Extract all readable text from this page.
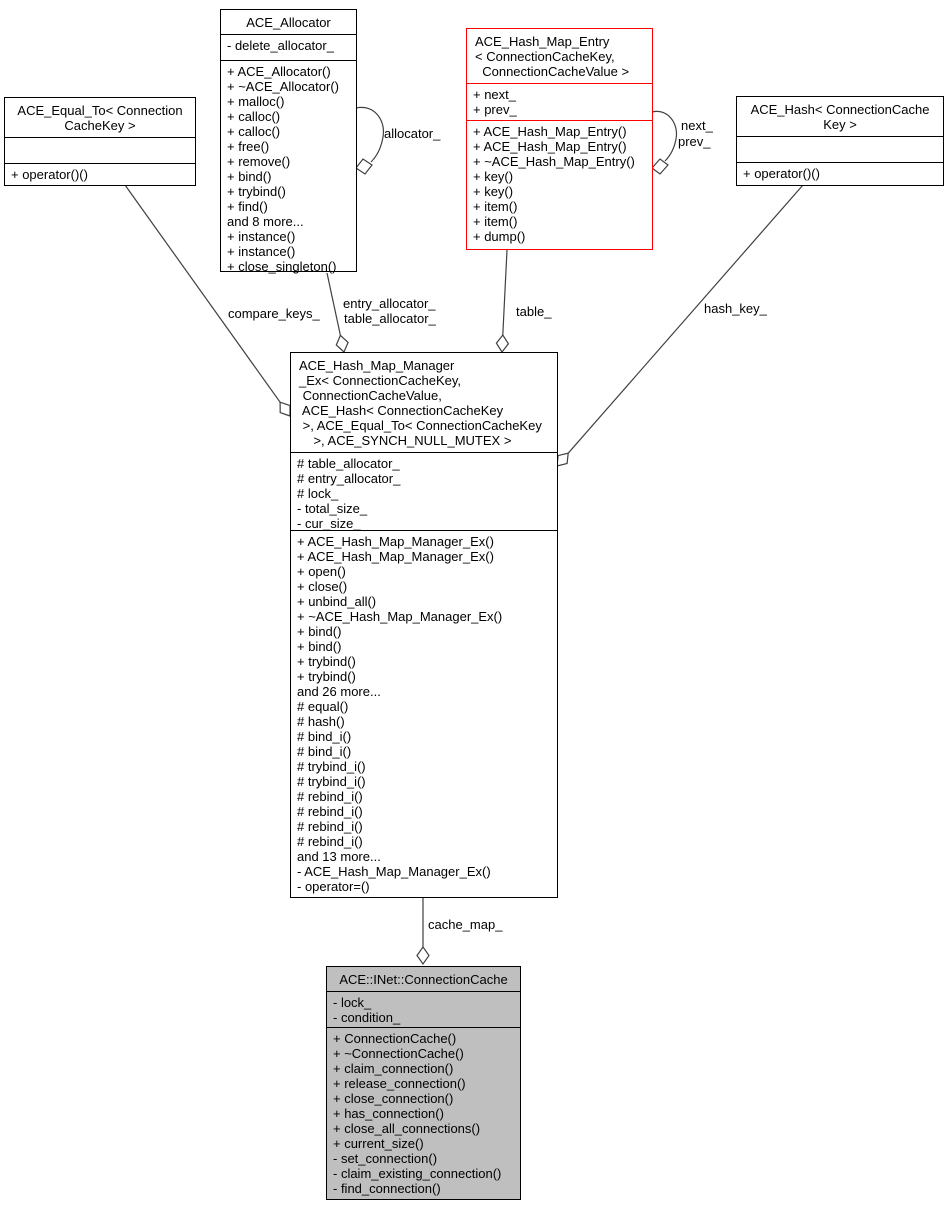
allocator_
next_
prev_
compare_keys_
entry_allocator_
table_allocator_	table_	hash_key_
cache_map_
ACE_Allocator
- delete_allocator_
+ ACE_Allocator()
+ ~ACE_Allocator()
+ malloc()
+ calloc()
+ calloc()
+ free()
+ remove()
+ bind()
+ trybind()
+ find()
and 8 more...
+ instance()
+ instance()
+ close_singleton()
ACE_Hash_Map_Entry
< ConnectionCacheKey,
ConnectionCacheValue >
+ next_
+ prev_
+ ACE_Hash_Map_Entry()
+ ACE_Hash_Map_Entry()
+ ~ACE_Hash_Map_Entry()
+ key()
+ key()
+ item()
+ item()
+ dump()
ACE_Equal_To< Connection
CacheKey >
+ operator()()
ACE_Hash< ConnectionCache
Key >
+ operator()()
ACE_Hash_Map_Manager
_Ex< ConnectionCacheKey,
ConnectionCacheValue,
ACE_Hash< ConnectionCacheKey
>, ACE_Equal_To< ConnectionCacheKey
>, ACE_SYNCH_NULL_MUTEX >
# table_allocator_
# entry_allocator_
# lock_
- total_size_
- cur_size_
+ ACE_Hash_Map_Manager_Ex()
+ ACE_Hash_Map_Manager_Ex()
+ open()
+ close()
+ unbind_all()
+ ~ACE_Hash_Map_Manager_Ex()
+ bind()
+ bind()
+ trybind()
+ trybind()
and 26 more...
# equal()
# hash()
# bind_i()
# bind_i()
# trybind_i()
# trybind_i()
# rebind_i()
# rebind_i()
# rebind_i()
# rebind_i()
and 13 more...
- ACE_Hash_Map_Manager_Ex()
- operator=()
ACE::INet::ConnectionCache
- lock_
- condition_
+ ConnectionCache()
+ ~ConnectionCache()
+ claim_connection()
+ release_connection()
+ close_connection()
+ has_connection()
+ close_all_connections()
+ current_size()
- set_connection()
- claim_existing_connection()
- find_connection()
